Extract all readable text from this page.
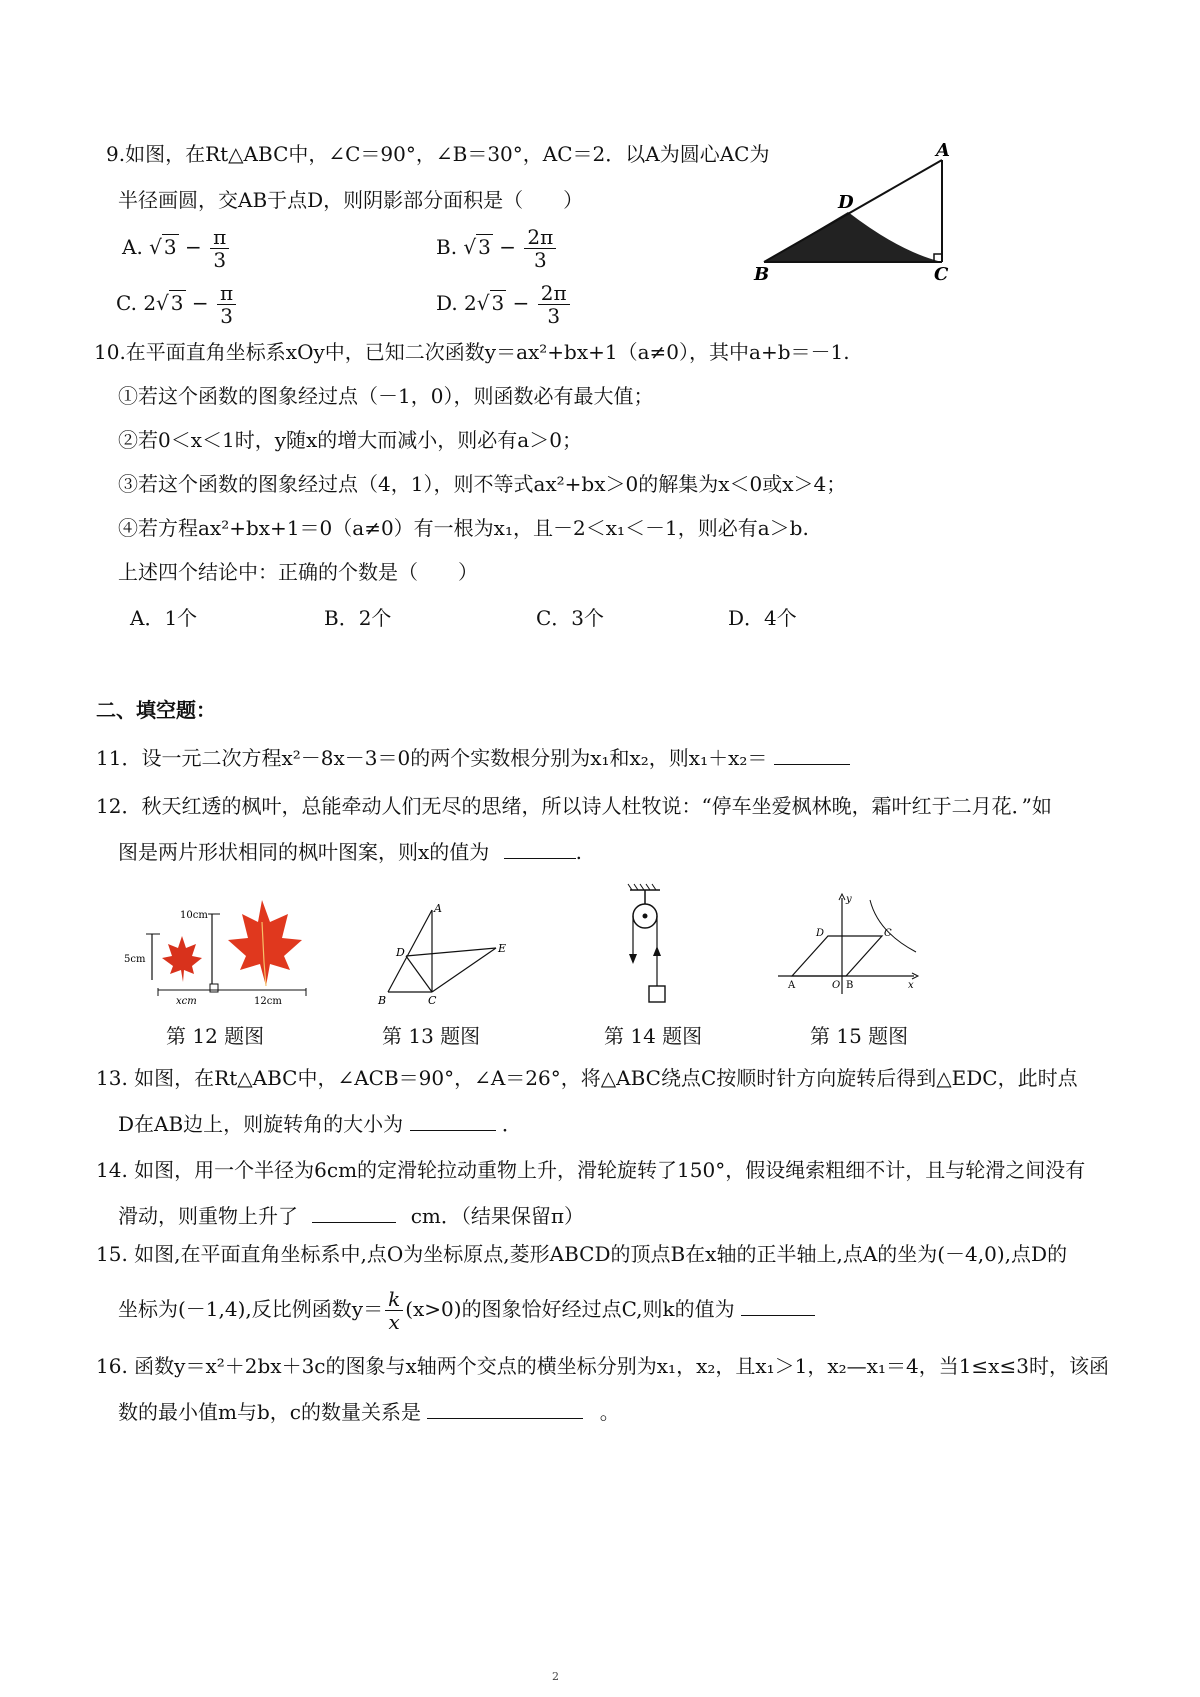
9.如图，在Rt△ABC中，∠C＝90°，∠B＝30°，AC＝2．以A为圆心AC为
半径画圆，交AB于点D，则阴影部分面积是（　　）
A. √ $3 - \frac{\pi}{3}$	B. √ $3 - \frac{2\pi}{3}$
C. 2√ $3 - \frac{\pi}{3}$	D. 2√ $3 - \frac{2\pi}{3}$
A
B	C
D
10.在平面直角坐标系xOy中，已知二次函数y＝ax²+bx+1（a≠0），其中a+b＝－1.
①若这个函数的图象经过点（－1，0），则函数必有最大值；
②若0＜x＜1时，y随x的增大而减小，则必有a＞0；
③若这个函数的图象经过点（4，1），则不等式ax²+bx＞0的解集为x＜0或x＞4；
④若方程ax²+bx+1＝0（a≠0）有一根为x₁，且－2＜x₁＜－1，则必有a＞b.
上述四个结论中：正确的个数是（　　）
A．1个	B．2个	C．3个	D．4个
二、填空题：
11．设一元二次方程x²－8x－3＝0的两个实数根分别为x₁和x₂，则x₁＋x₂＝
12．秋天红透的枫叶，总能牵动人们无尽的思绪，所以诗人杜牧说：“停车坐爱枫林晚，霜叶红于二月花．”如
图是两片形状相同的枫叶图案，则x的值为	.
10cm
5cm
xcm	12cm
第 12 题图
A
B	C
D	E
第 13 题图	第 14 题图
y
x
D	C
A	O B
第 15 题图
13. 如图，在Rt△ABC中，∠ACB＝90°，∠A＝26°，将△ABC绕点C按顺时针方向旋转后得到△EDC，此时点
D在AB边上，则旋转角的大小为	．
14. 如图，用一个半径为6cm的定滑轮拉动重物上升，滑轮旋转了150°，假设绳索粗细不计，且与轮滑之间没有
滑动，则重物上升了	cm．（结果保留π）
15. 如图,在平面直角坐标系中,点O为坐标原点,菱形ABCD的顶点B在x轴的正半轴上,点A的坐为(－4,0),点D的
坐标为(－1,4),反比例函数$y= \frac{k}{x} (x>0)$的图象恰好经过点C,则k的值为
16. 函数y＝x²＋2bx＋3c的图象与x轴两个交点的横坐标分别为x₁，x₂，且x₁＞1，x₂—x₁＝4，当1≤x≤3时，该函
数的最小值m与b，c的数量关系是	。
2
